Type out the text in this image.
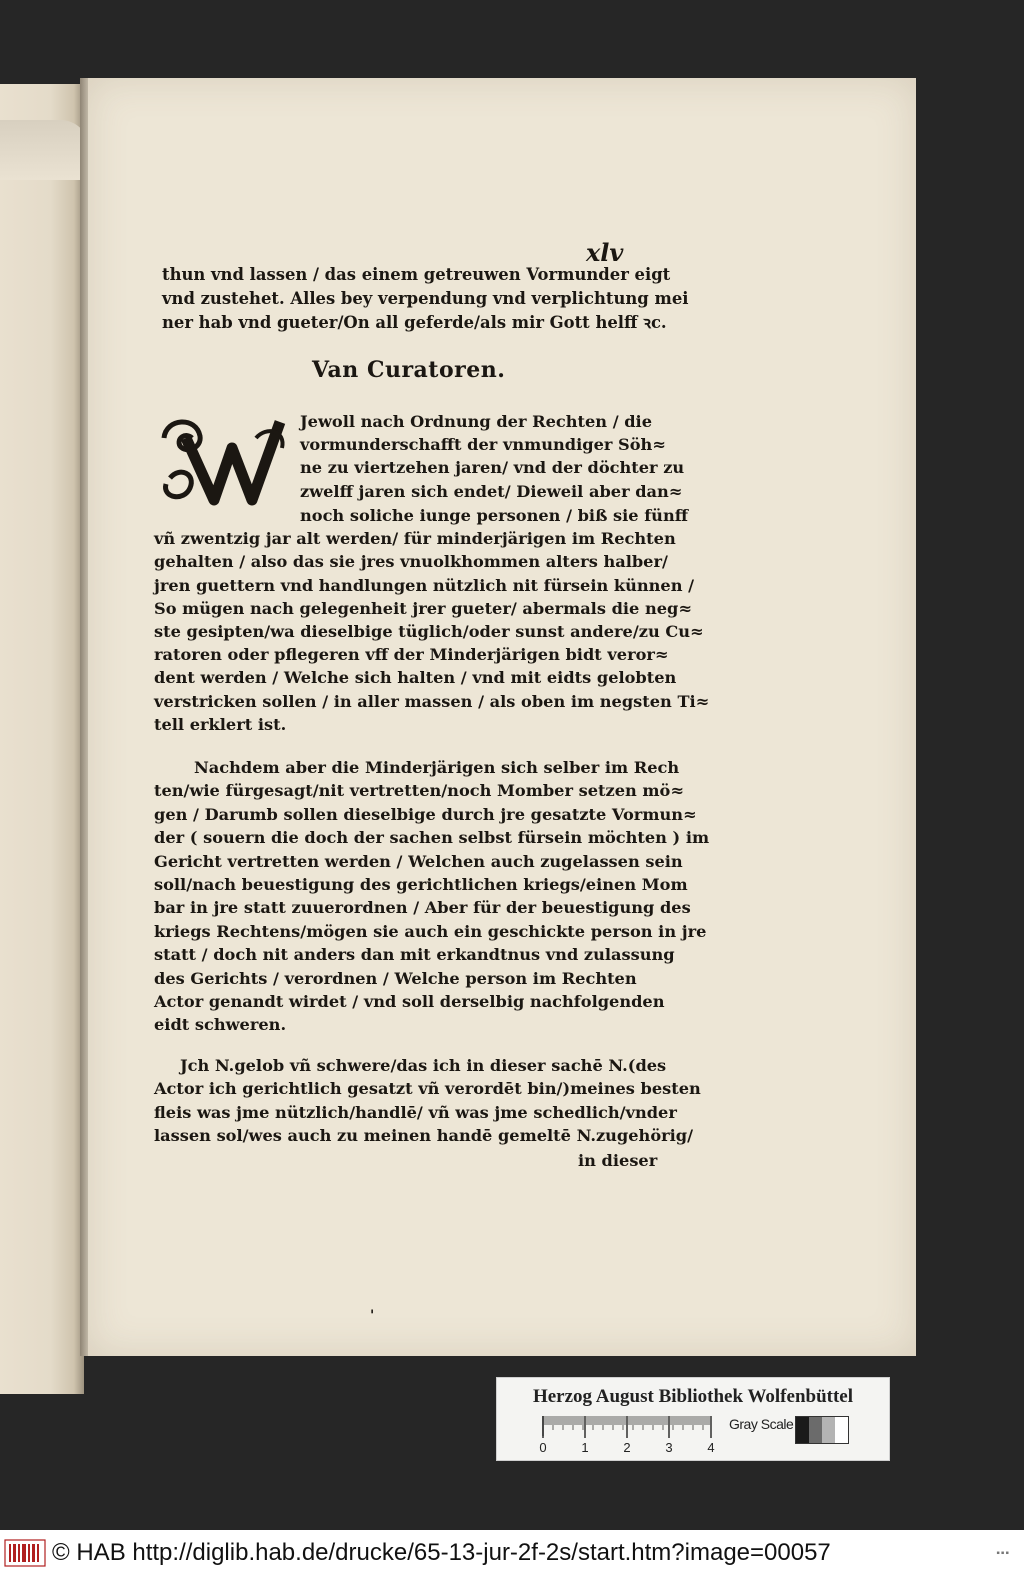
xlv
thun vnd lassen / das einem getreuwen Vormunder eigt
vnd zustehet. Alles bey verpendung vnd verplichtung mei
ner hab vnd gueter/On all geferde/als mir Gott helff ꝛc.
Van Curatoren.
W
Jewoll nach Ordnung der Rechten / die
vormunderschafft der vnmundiger Söh≈
ne zu viertzehen jaren/ vnd der döchter zu
zwelff jaren sich endet/ Dieweil aber dan≈
noch soliche iunge personen / biß sie fünff
vñ zwentzig jar alt werden/ für minderjärigen im Rechten
gehalten / also das sie jres vnuolkhommen alters halber/
jren guettern vnd handlungen nützlich nit fürsein künnen /
So mügen nach gelegenheit jrer gueter/ abermals die neg≈
ste gesipten/wa dieselbige tüglich/oder sunst andere/zu Cu≈
ratoren oder pflegeren vff der Minderjärigen bidt veror≈
dent werden / Welche sich halten / vnd mit eidts gelobten
verstricken sollen / in aller massen / als oben im negsten Ti≈
tell erklert ist.
Nachdem aber die Minderjärigen sich selber im Rech
ten/wie fürgesagt/nit vertretten/noch Momber setzen mö≈
gen / Darumb sollen dieselbige durch jre gesatzte Vormun≈
der ( souern die doch der sachen selbst fürsein möchten ) im
Gericht vertretten werden / Welchen auch zugelassen sein
soll/nach beuestigung des gerichtlichen kriegs/einen Mom
bar in jre statt zuuerordnen / Aber für der beuestigung des
kriegs Rechtens/mögen sie auch ein geschickte person in jre
statt / doch nit anders dan mit erkandtnus vnd zulassung
des Gerichts / verordnen / Welche person im Rechten
Actor genandt wirdet / vnd soll derselbig nachfolgenden
eidt schweren.
Jch N.gelob vñ schwere/das ich in dieser sachē N.(des
Actor ich gerichtlich gesatzt vñ verordēt bin/)meines besten
fleis was jme nützlich/handlē/ vñ was jme schedlich/vnder
lassen sol/wes auch zu meinen handē gemeltē N.zugehörig/
in dieser
'
Herzog August Bibliothek Wolfenbüttel
0	1	2	3	4
Gray Scale
© HAB http://diglib.hab.de/drucke/65-13-jur-2f-2s/start.htm?image=00057	▪▪▪
